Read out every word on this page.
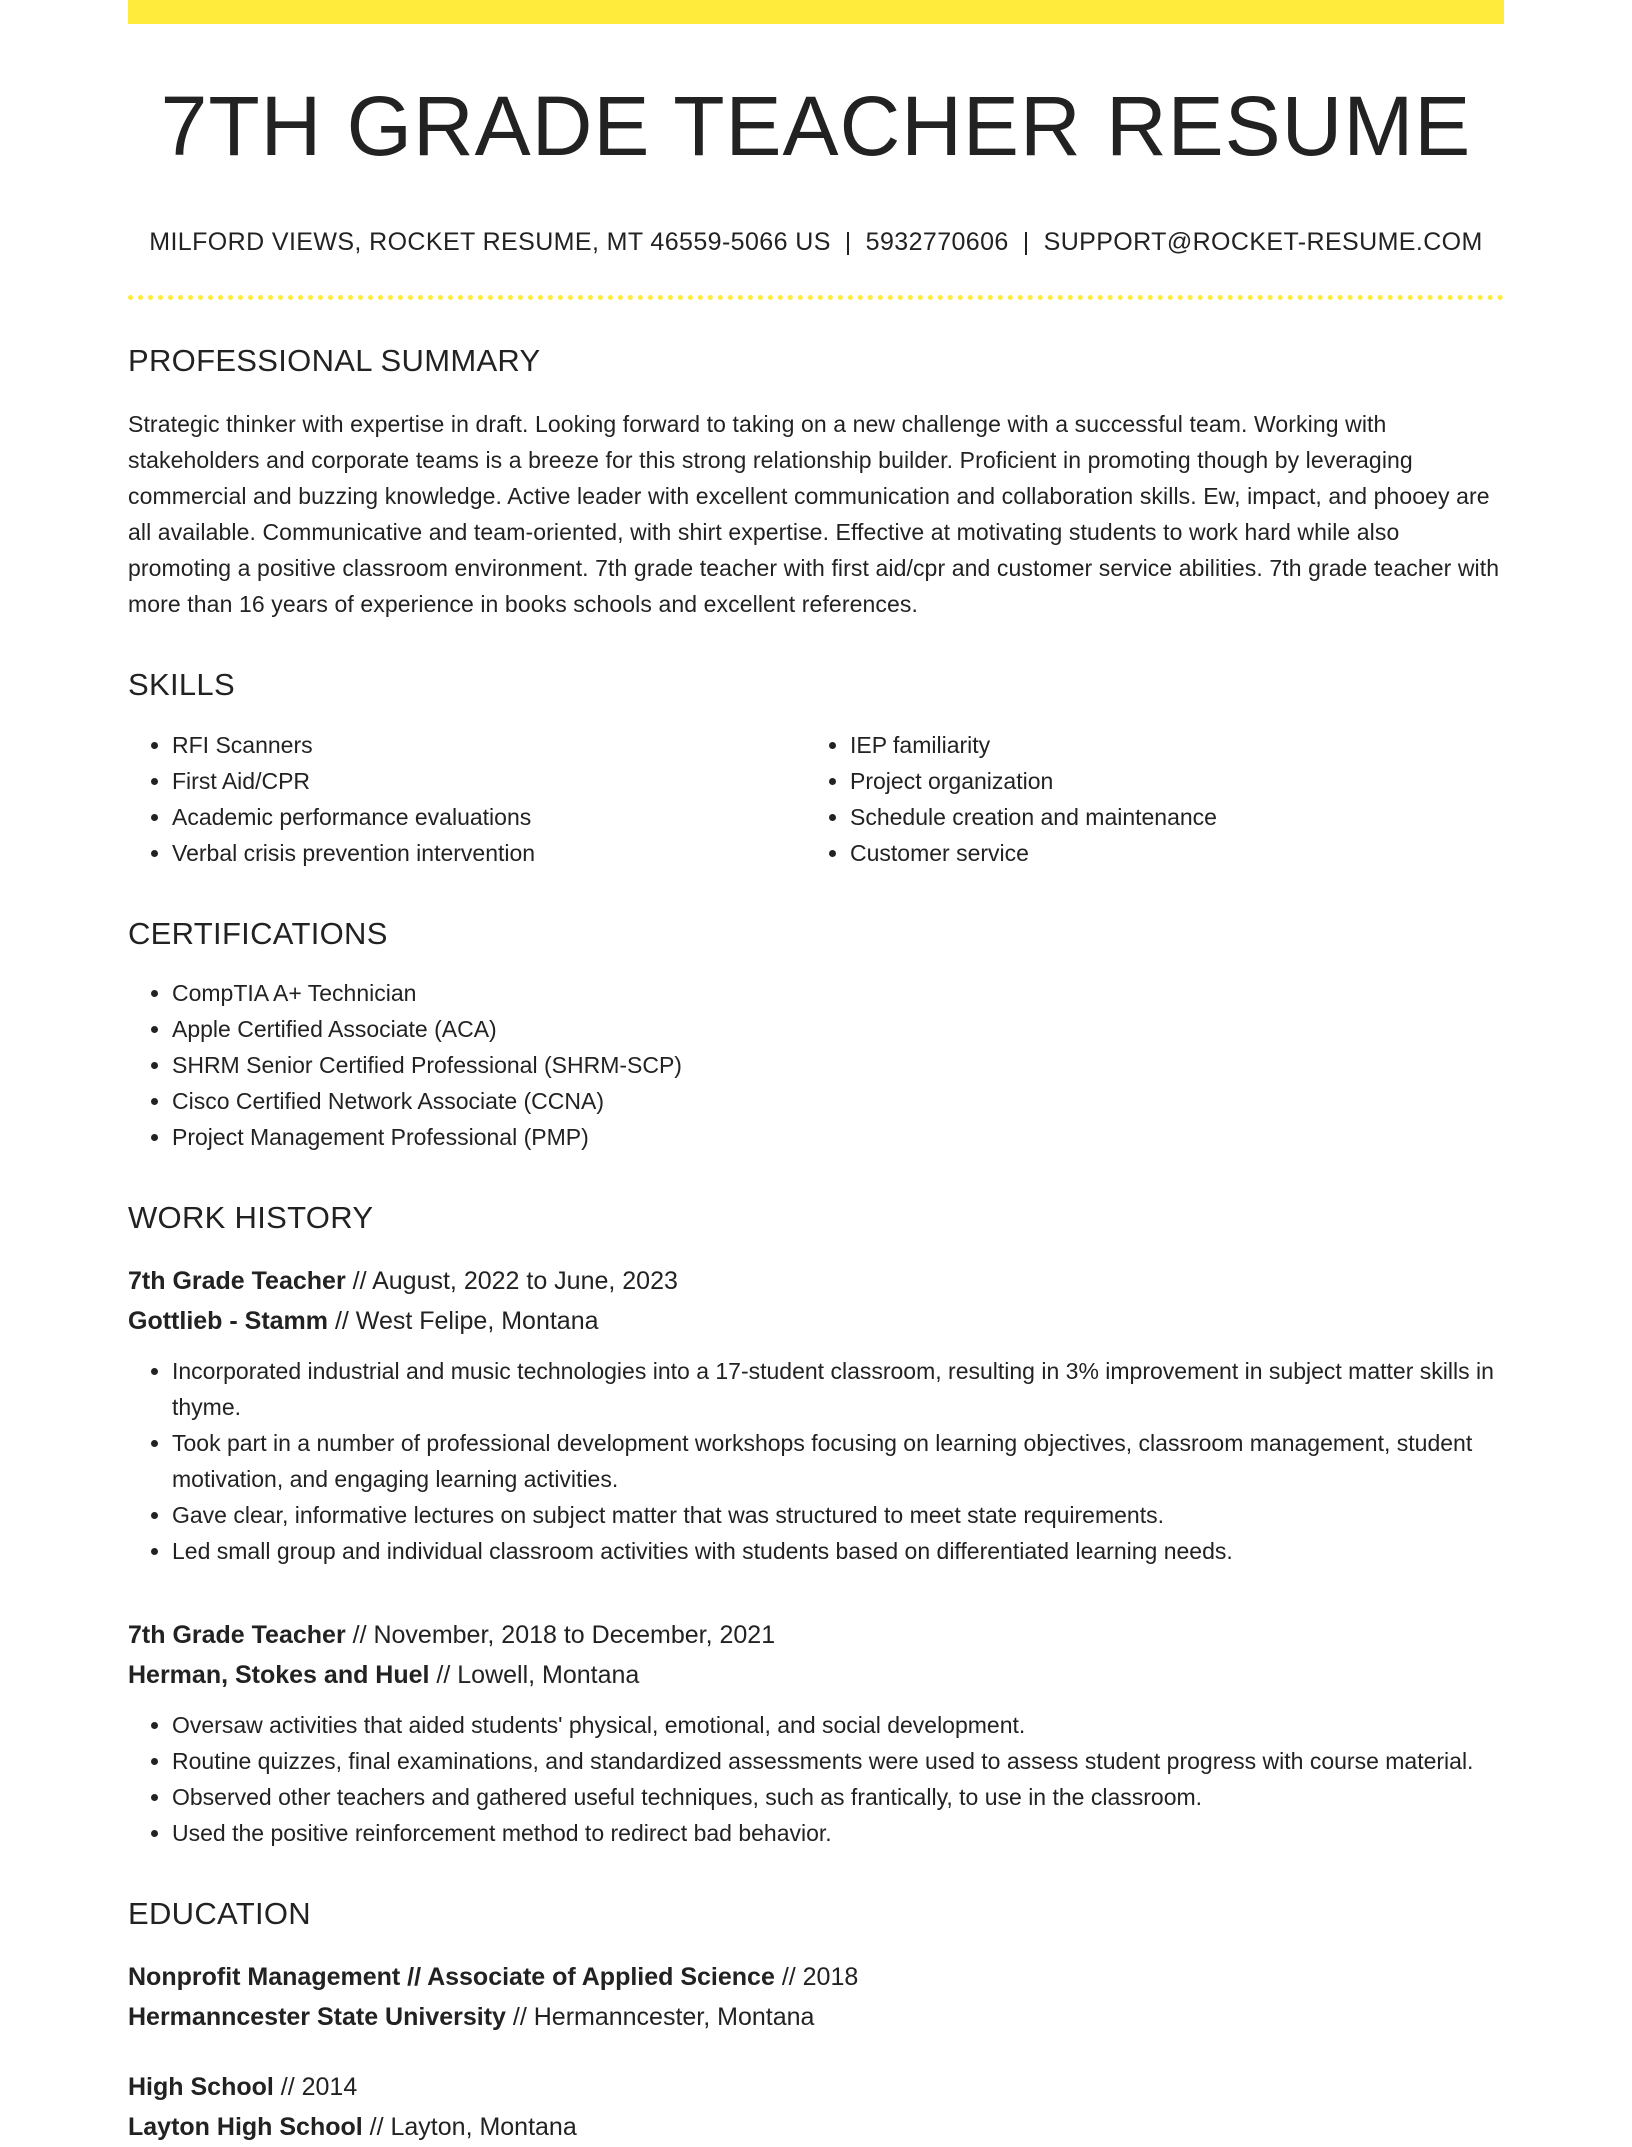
7TH GRADE TEACHER RESUME
MILFORD VIEWS, ROCKET RESUME, MT 46559-5066 US | 5932770606 | SUPPORT@ROCKET-RESUME.COM
PROFESSIONAL SUMMARY
Strategic thinker with expertise in draft. Looking forward to taking on a new challenge with a successful team. Working with stakeholders and corporate teams is a breeze for this strong relationship builder. Proficient in promoting though by leveraging commercial and buzzing knowledge. Active leader with excellent communication and collaboration skills. Ew, impact, and phooey are all available. Communicative and team-oriented, with shirt expertise. Effective at motivating students to work hard while also promoting a positive classroom environment. 7th grade teacher with first aid/cpr and customer service abilities. 7th grade teacher with more than 16 years of experience in books schools and excellent references.
SKILLS
• RFI Scanners
• First Aid/CPR
• Academic performance evaluations
• Verbal crisis prevention intervention
• IEP familiarity
• Project organization
• Schedule creation and maintenance
• Customer service
CERTIFICATIONS
• CompTIA A+ Technician
• Apple Certified Associate (ACA)
• SHRM Senior Certified Professional (SHRM-SCP)
• Cisco Certified Network Associate (CCNA)
• Project Management Professional (PMP)
WORK HISTORY
7th Grade Teacher // August, 2022 to June, 2023
Gottlieb - Stamm // West Felipe, Montana
• Incorporated industrial and music technologies into a 17-student classroom, resulting in 3% improvement in subject matter skills in thyme.
• Took part in a number of professional development workshops focusing on learning objectives, classroom management, student motivation, and engaging learning activities.
• Gave clear, informative lectures on subject matter that was structured to meet state requirements.
• Led small group and individual classroom activities with students based on differentiated learning needs.
7th Grade Teacher // November, 2018 to December, 2021
Herman, Stokes and Huel // Lowell, Montana
• Oversaw activities that aided students' physical, emotional, and social development.
• Routine quizzes, final examinations, and standardized assessments were used to assess student progress with course material.
• Observed other teachers and gathered useful techniques, such as frantically, to use in the classroom.
• Used the positive reinforcement method to redirect bad behavior.
EDUCATION
Nonprofit Management // Associate of Applied Science // 2018
Hermanncester State University // Hermanncester, Montana
High School // 2014
Layton High School // Layton, Montana
